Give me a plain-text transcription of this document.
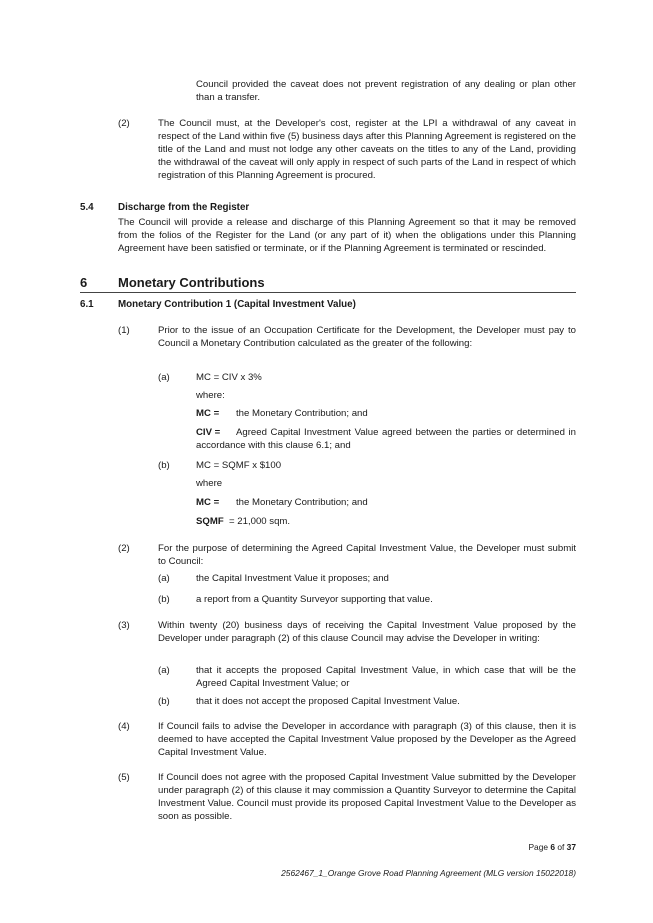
Council provided the caveat does not prevent registration of any dealing or plan other than a transfer.

(2)	The Council must, at the Developer's cost, register at the LPI a withdrawal of any caveat in respect of the Land within five (5) business days after this Planning Agreement is registered on the title of the Land and must not lodge any other caveats on the titles to any of the Land, providing the withdrawal of the caveat will only apply in respect of such parts of the Land in respect of which registration of this Planning Agreement is procured.

5.4 Discharge from the Register

The Council will provide a release and discharge of this Planning Agreement so that it may be removed from the folios of the Register for the Land (or any part of it) when the obligations under this Planning Agreement have been satisfied or terminate, or if the Planning Agreement is terminated or rescinded.

6 Monetary Contributions
6.1 Monetary Contribution 1 (Capital Investment Value)
(1)	Prior to the issue of an Occupation Certificate for the Development, the Developer must pay to Council a Monetary Contribution calculated as the greater of the following:

(a)	MC = CIV x 3%
where:
MC = the Monetary Contribution; and
CIV =	Agreed Capital Investment Value agreed between the parties or determined in accordance with this clause 6.1; and

(b)	MC = SQMF x $100
where
MC = the Monetary Contribution; and
SQMF = 21,000 sqm.
(2)	For the purpose of determining the Agreed Capital Investment Value, the Developer must submit to Council:

(a)	the Capital Investment Value it proposes; and
(b)	a report from a Quantity Surveyor supporting that value.
(3)	Within twenty (20) business days of receiving the Capital Investment Value proposed by the Developer under paragraph (2) of this clause Council may advise the Developer in writing:

(a)	that it accepts the proposed Capital Investment Value, in which case that will be the Agreed Capital Investment Value; or

(b)	that it does not accept the proposed Capital Investment Value.
(4)	If Council fails to advise the Developer in accordance with paragraph (3) of this clause, then it is deemed to have accepted the Capital Investment Value proposed by the Developer as the Agreed Capital Investment Value.

(5)	If Council does not agree with the proposed Capital Investment Value submitted by the Developer under paragraph (2) of this clause it may commission a Quantity Surveyor to determine the Capital Investment Value. Council must provide its proposed Capital Investment Value to the Developer as soon as possible.

Page 6 of 37
2562467_1_Orange Grove Road Planning Agreement (MLG version 15022018)
